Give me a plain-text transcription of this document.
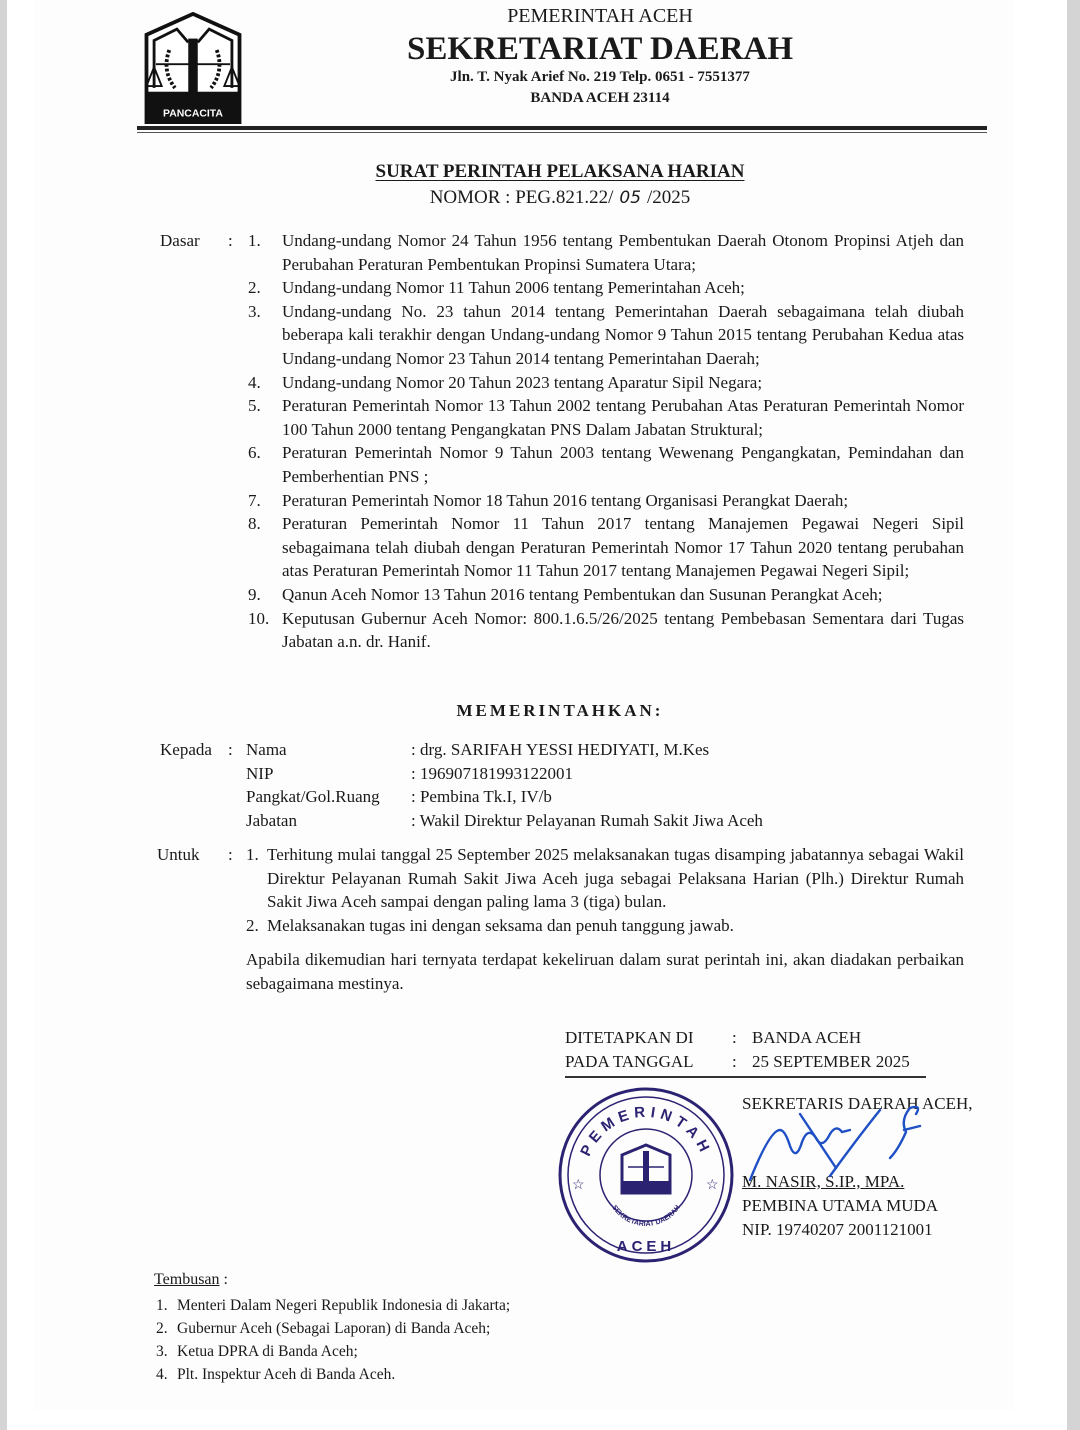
PANCACITA
PEMERINTAH ACEH
SEKRETARIAT DAERAH
Jln. T. Nyak Arief No. 219 Telp. 0651 - 7551377
BANDA ACEH 23114
SURAT PERINTAH PELAKSANA HARIAN
NOMOR : PEG.821.22/ 05 /2025
Dasar : 1. Undang-undang Nomor 24 Tahun 1956 tentang Pembentukan Daerah Otonom Propinsi Atjeh dan Perubahan Peraturan Pembentukan Propinsi Sumatera Utara;
2. Undang-undang Nomor 11 Tahun 2006 tentang Pemerintahan Aceh;
3. Undang-undang No. 23 tahun 2014 tentang Pemerintahan Daerah sebagaimana telah diubah beberapa kali terakhir dengan Undang-undang Nomor 9 Tahun 2015 tentang Perubahan Kedua atas Undang-undang Nomor 23 Tahun 2014 tentang Pemerintahan Daerah;
4. Undang-undang Nomor 20 Tahun 2023 tentang Aparatur Sipil Negara;
5. Peraturan Pemerintah Nomor 13 Tahun 2002 tentang Perubahan Atas Peraturan Pemerintah Nomor 100 Tahun 2000 tentang Pengangkatan PNS Dalam Jabatan Struktural;
6. Peraturan Pemerintah Nomor 9 Tahun 2003 tentang Wewenang Pengangkatan, Pemindahan dan Pemberhentian PNS ;
7. Peraturan Pemerintah Nomor 18 Tahun 2016 tentang Organisasi Perangkat Daerah;
8. Peraturan Pemerintah Nomor 11 Tahun 2017 tentang Manajemen Pegawai Negeri Sipil sebagaimana telah diubah dengan Peraturan Pemerintah Nomor 17 Tahun 2020 tentang perubahan atas Peraturan Pemerintah Nomor 11 Tahun 2017 tentang Manajemen Pegawai Negeri Sipil;
9. Qanun Aceh Nomor 13 Tahun 2016 tentang Pembentukan dan Susunan Perangkat Aceh;
10. Keputusan Gubernur Aceh Nomor: 800.1.6.5/26/2025 tentang Pembebasan Sementara dari Tugas Jabatan a.n. dr. Hanif.
MEMERINTAHKAN:
Kepada : Nama	: drg. SARIFAH YESSI HEDIYATI, M.Kes
NIP	: 196907181993122001
Pangkat/Gol.Ruang	: Pembina Tk.I, IV/b
Jabatan	: Wakil Direktur Pelayanan Rumah Sakit Jiwa Aceh
Untuk : 1. Terhitung mulai tanggal 25 September 2025 melaksanakan tugas disamping jabatannya sebagai Wakil Direktur Pelayanan Rumah Sakit Jiwa Aceh juga sebagai Pelaksana Harian (Plh.) Direktur Rumah Sakit Jiwa Aceh sampai dengan paling lama 3 (tiga) bulan.
2. Melaksanakan tugas ini dengan seksama dan penuh tanggung jawab.
Apabila dikemudian hari ternyata terdapat kekeliruan dalam surat perintah ini, akan diadakan perbaikan sebagaimana mestinya.
DITETAPKAN DI	: BANDA ACEH
PADA TANGGAL	: 25 SEPTEMBER 2025
PEMERINTAH
SEKRETARIAT DAERAH
ACEH
☆	☆
SEKRETARIS DAERAH ACEH,
M. NASIR, S.IP., MPA.
PEMBINA UTAMA MUDA
NIP. 19740207 2001121001
Tembusan :
1. Menteri Dalam Negeri Republik Indonesia di Jakarta;
2. Gubernur Aceh (Sebagai Laporan) di Banda Aceh;
3. Ketua DPRA di Banda Aceh;
4. Plt. Inspektur Aceh di Banda Aceh.
